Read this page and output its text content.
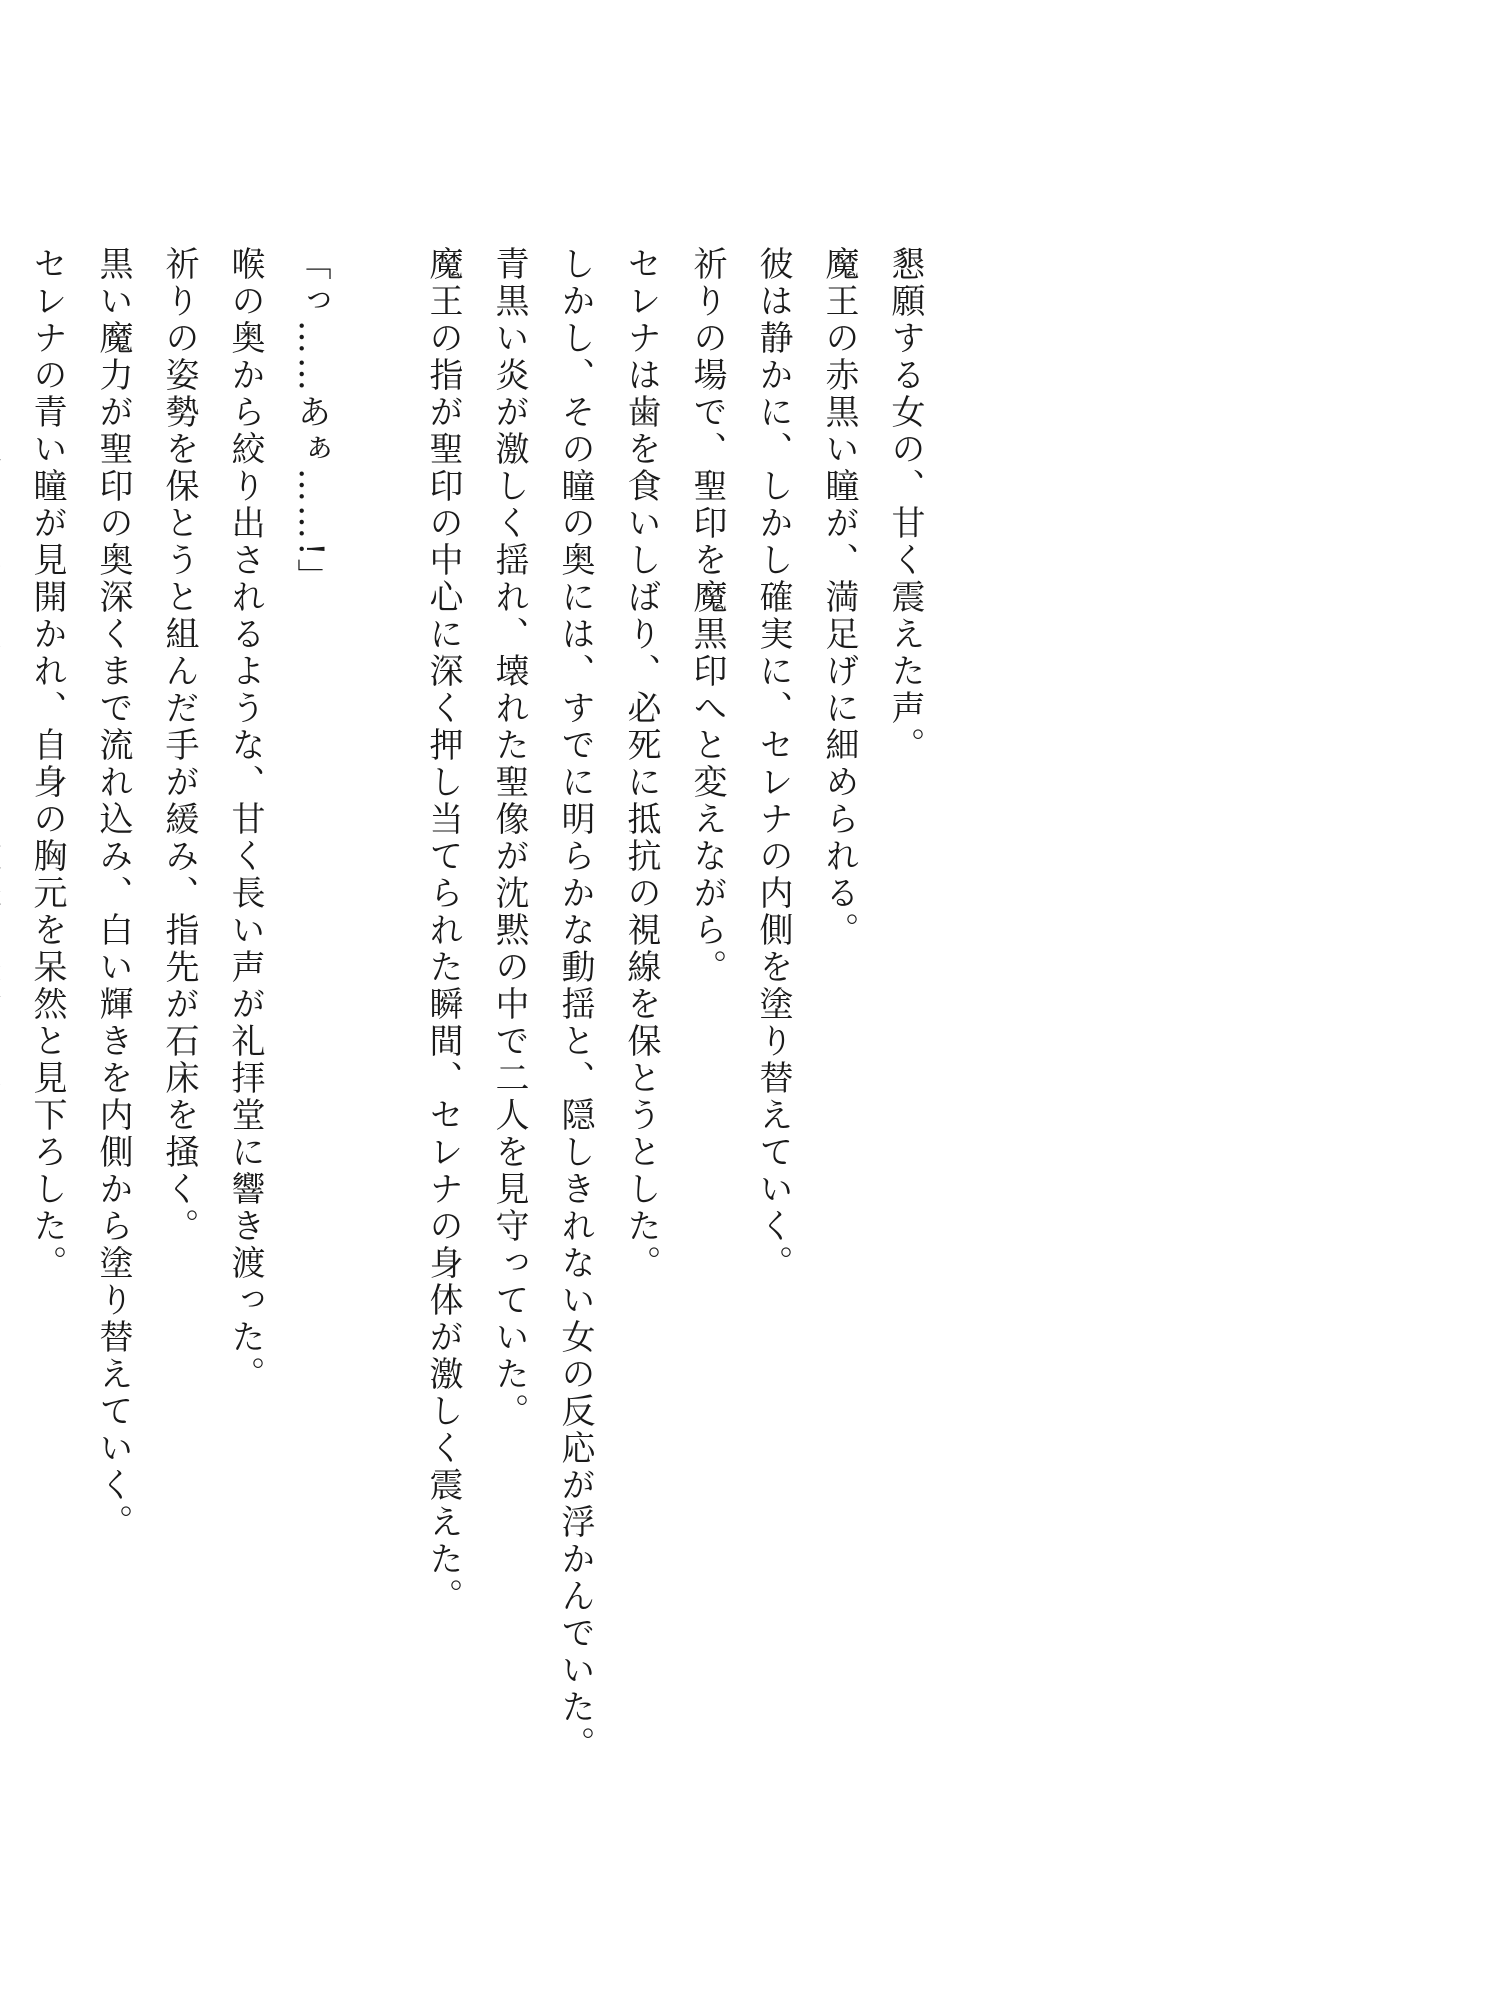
懇願する女の、甘く震えた声。

魔王の赤黒い瞳が、満足げに細められる。

彼は静かに、しかし確実に、セレナの内側を塗り替えていく。

祈りの場で、聖印を魔黒印へと変えながら。

セレナは歯を食いしばり、必死に抵抗の視線を保とうとした。

しかし、その瞳の奥には、すでに明らかな動揺と、隠しきれない女の反応が浮かんでいた。

青黒い炎が激しく揺れ、壊れた聖像が沈黙の中で二人を見守っていた。

魔王の指が聖印の中心に深く押し当てられた瞬間、セレナの身体が激しく震えた。

「っ……あぁ……!」

喉の奥から絞り出されるような、甘く長い声が礼拝堂に響き渡った。

祈りの姿勢を保とうと組んだ手が緩み、指先が石床を掻く。

黒い魔力が聖印の奥深くまで流れ込み、白い輝きを内側から塗り替えていく。

セレナの青い瞳が見開かれ、自身の胸元を呆然と見下ろした。
